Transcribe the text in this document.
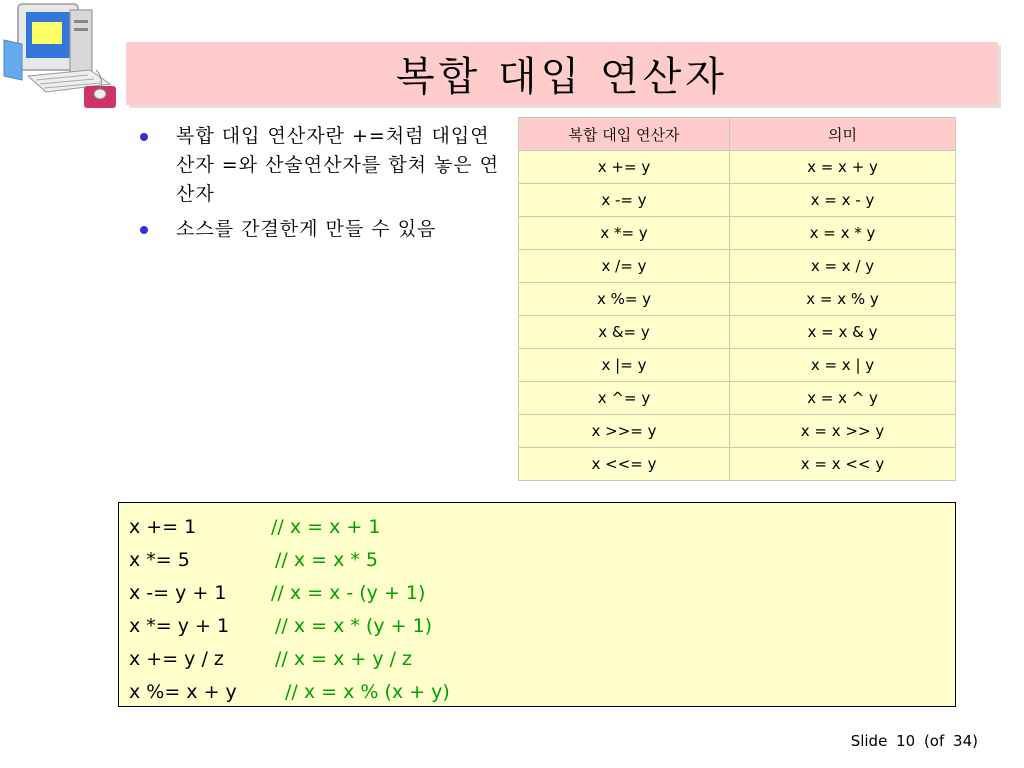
복합 대입 연산자
복합 대입 연산자란 +=처럼 대입연산자 =와 산술연산자를 합쳐 놓은 연산자
소스를 간결한게 만들 수 있음
복합 대입 연산자	의미
x += y	x = x + y
x -= y	x = x - y
x *= y	x = x * y
x /= y	x = x / y
x %= y	x = x % y
x &= y	x = x & y
x |= y	x = x | y
x ^= y	x = x ^ y
x >>= y	x = x >> y
x <<= y	x = x << y
x += 1	// x = x + 1
x *= 5	// x = x * 5
x -= y + 1 // x = x - (y + 1)
x *= y + 1 // x = x * (y + 1)
x += y / z	// x = x + y / z
x %= x + y	// x = x % (x + y)
Slide 10 (of 34)
